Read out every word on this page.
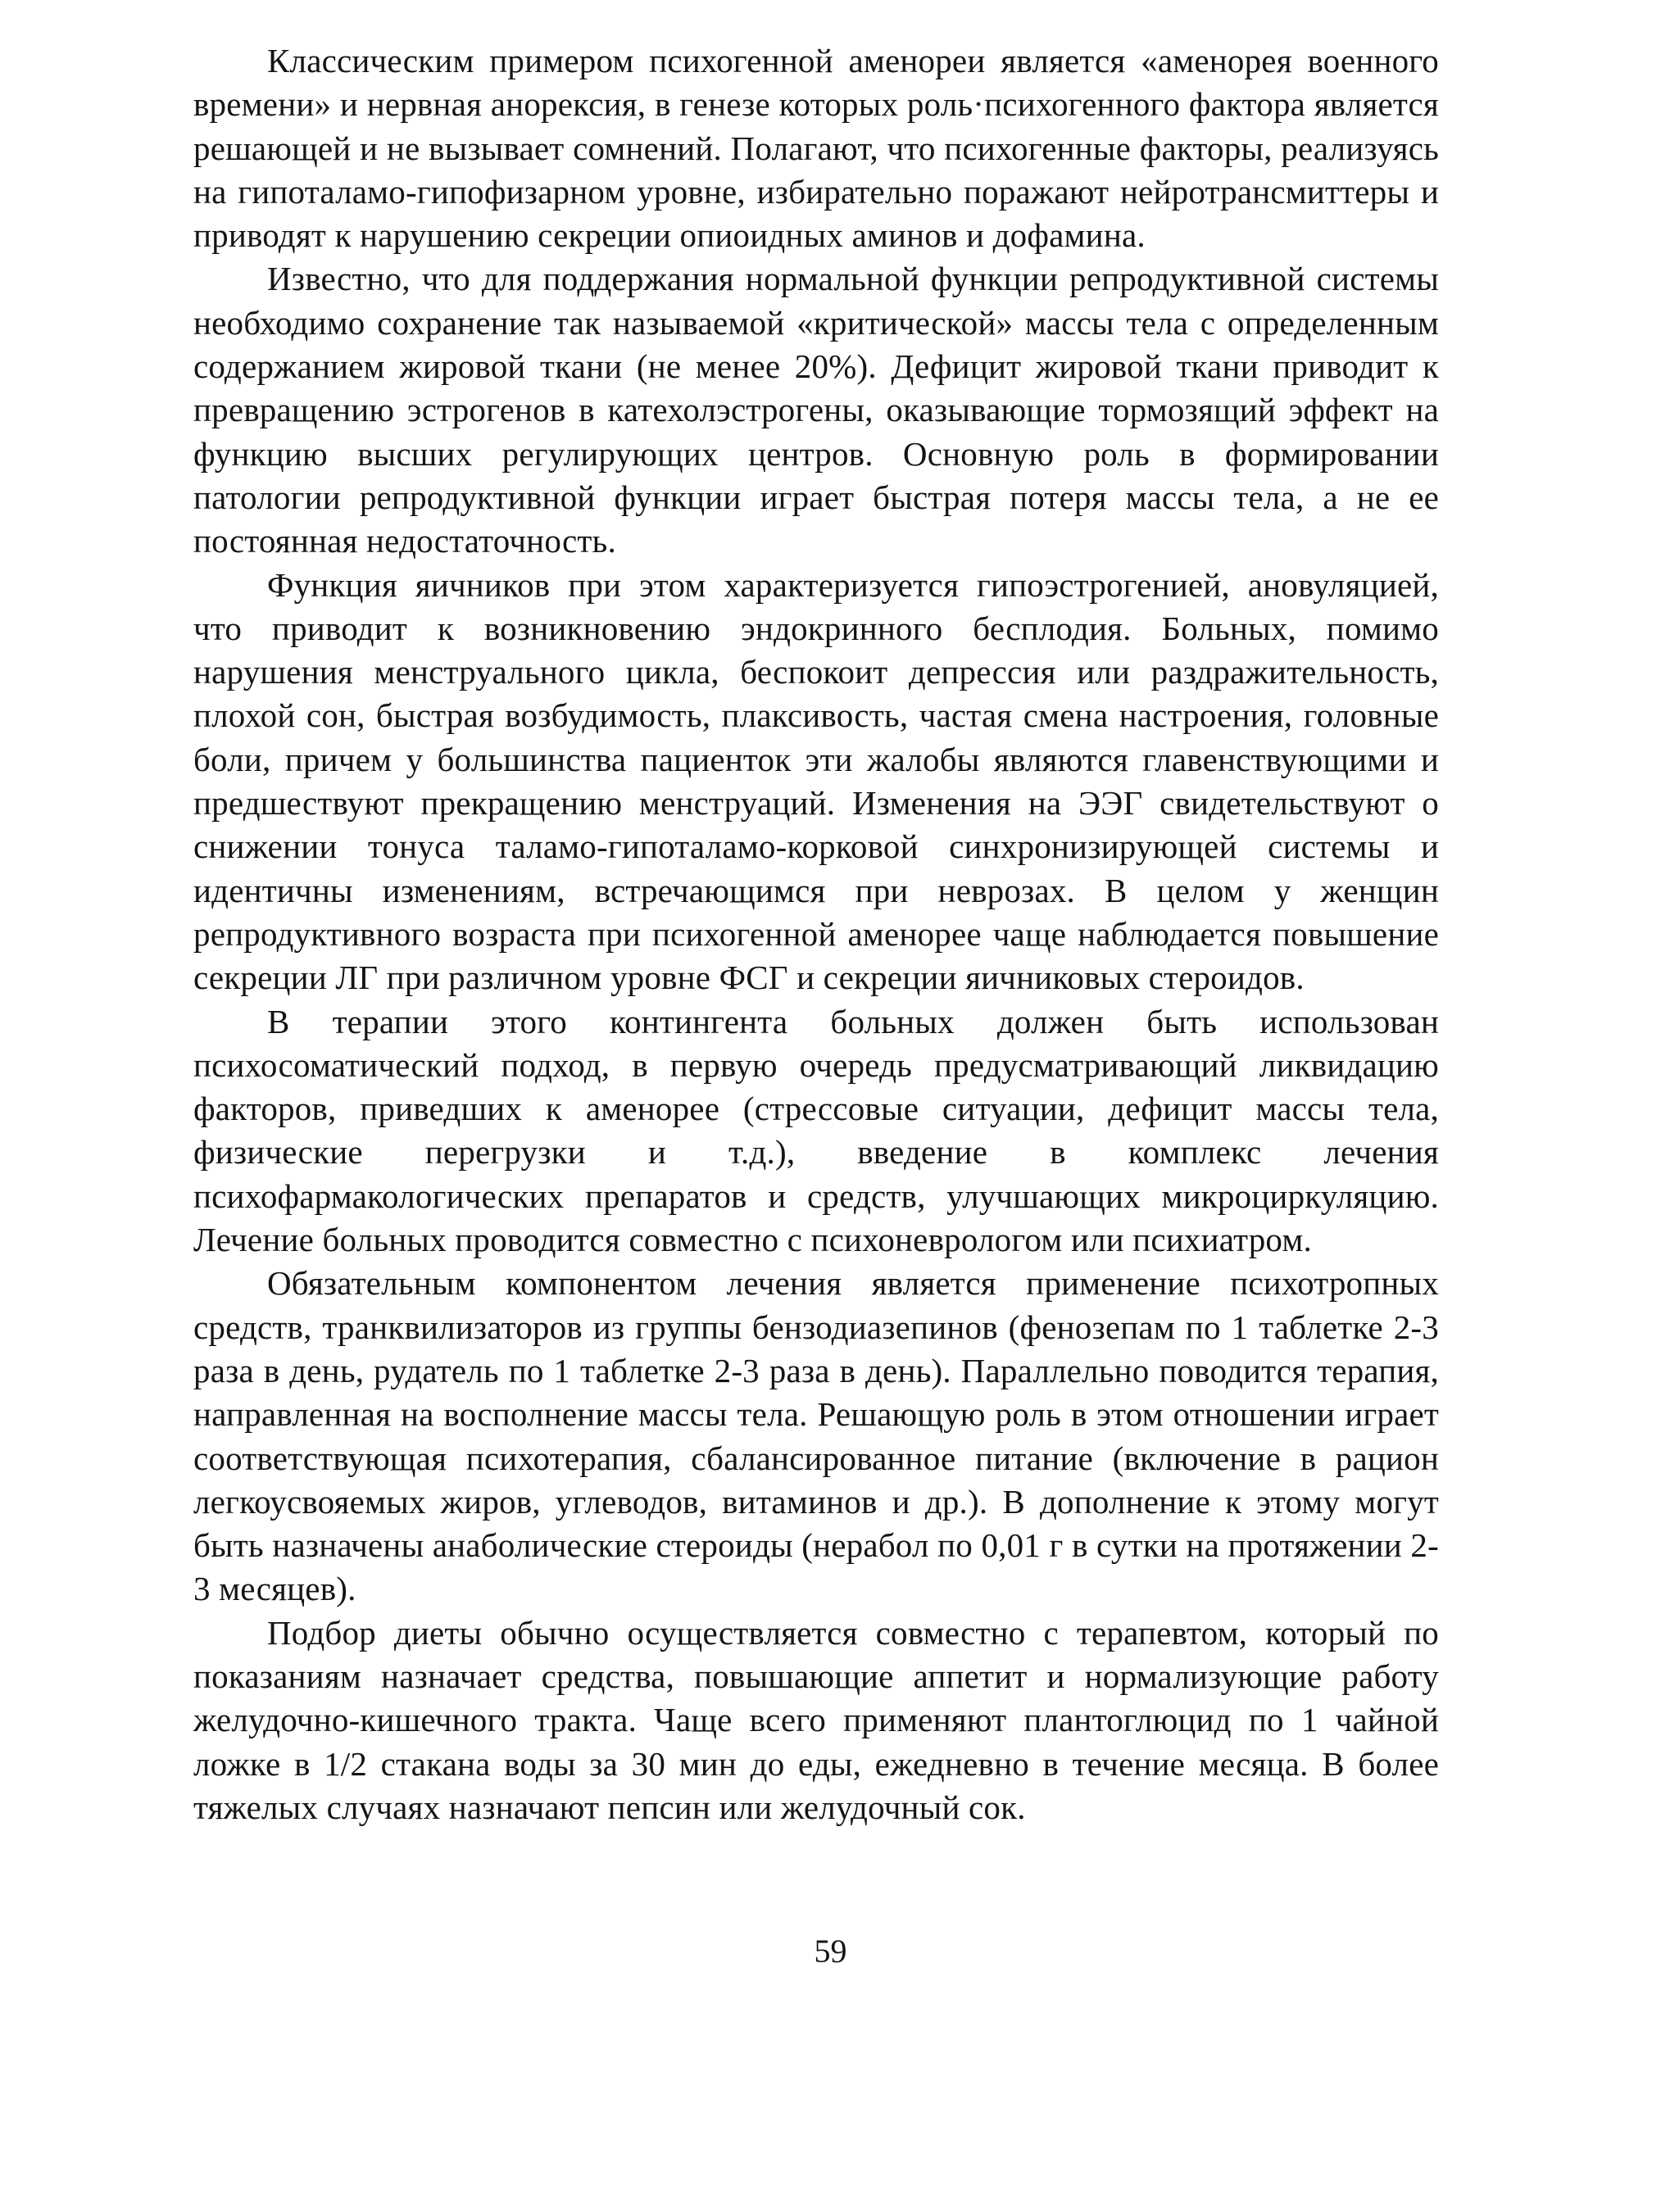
Классическим примером психогенной аменореи является «аменорея военного времени» и нервная анорексия, в генезе которых роль·психогенного фактора является решающей и не вызывает сомнений. Полагают, что психогенные факторы, реализуясь на гипоталамо-гипофизарном уровне, избирательно поражают нейротрансмиттеры и приводят к нарушению секреции опиоидных аминов и дофамина.

Известно, что для поддержания нормальной функции репродуктивной системы необходимо сохранение так называемой «критической» массы тела с определенным содержанием жировой ткани (не менее 20%). Дефицит жировой ткани приводит к превращению эстрогенов в катехолэстрогены, оказывающие тормозящий эффект на функцию высших регулирующих центров. Основную роль в формировании патологии репродуктивной функции играет быстрая потеря массы тела, а не ее постоянная недостаточность.

Функция яичников при этом характеризуется гипоэстрогенией, ановуляцией, что приводит к возникновению эндокринного бесплодия. Больных, помимо нарушения менструального цикла, беспокоит депрессия или раздражительность, плохой сон, быстрая возбудимость, плаксивость, частая смена настроения, головные боли, причем у большинства пациенток эти жалобы являются главенствующими и предшествуют прекращению менструаций. Изменения на ЭЭГ свидетельствуют о снижении тонуса таламо-гипоталамо-корковой синхронизирующей системы и идентичны изменениям, встречающимся при неврозах. В целом у женщин репродуктивного возраста при психогенной аменорее чаще наблюдается повышение секреции ЛГ при различном уровне ФСГ и секреции яичниковых стероидов.

В терапии этого контингента больных должен быть использован психосоматический подход, в первую очередь предусматривающий ликвидацию факторов, приведших к аменорее (стрессовые ситуации, дефицит массы тела, физические перегрузки и т.д.), введение в комплекс лечения психофармакологических препаратов и средств, улучшающих микроциркуляцию. Лечение больных проводится совместно с психоневрологом или психиатром.

Обязательным компонентом лечения является применение психотропных средств, транквилизаторов из группы бензодиазепинов (фенозепам по 1 таблетке 2-3 раза в день, рудатель по 1 таблетке 2-3 раза в день). Параллельно поводится терапия, направленная на восполнение массы тела. Решающую роль в этом отношении играет соответствующая психотерапия, сбалансированное питание (включение в рацион легкоусвояемых жиров, углеводов, витаминов и др.). В дополнение к этому могут быть назначены анаболические стероиды (нерабол по 0,01 г в сутки на протяжении 2-3 месяцев).

Подбор диеты обычно осуществляется совместно с терапевтом, который по показаниям назначает средства, повышающие аппетит и нормализующие работу желудочно-кишечного тракта. Чаще всего применяют плантоглюцид по 1 чайной ложке в 1/2 стакана воды за 30 мин до еды, ежедневно в течение месяца. В более тяжелых случаях назначают пепсин или желудочный сок.

59
